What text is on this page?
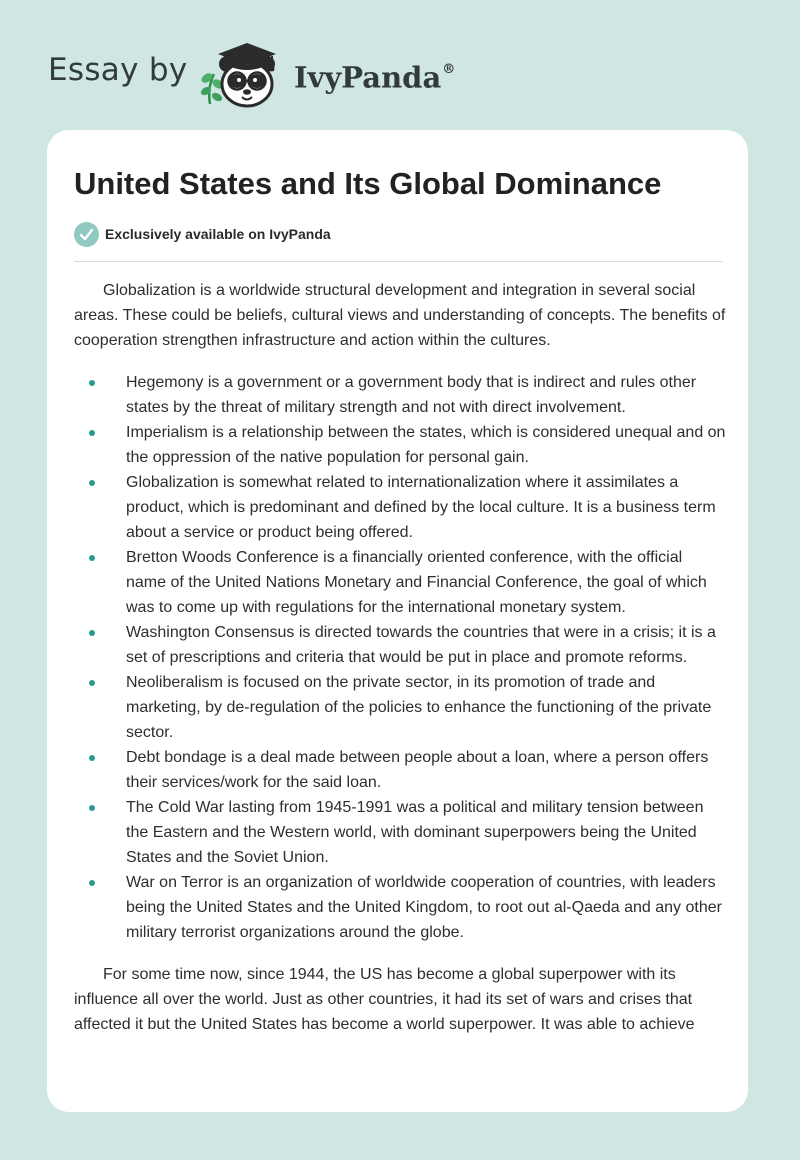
Essay by	IvyPanda®
United States and Its Global Dominance
Exclusively available on IvyPanda

Globalization is a worldwide structural development and integration in several social areas. These could be beliefs, cultural views and understanding of concepts. The benefits of cooperation strengthen infrastructure and action within the cultures.

Hegemony is a government or a government body that is indirect and rules other states by the threat of military strength and not with direct involvement.
Imperialism is a relationship between the states, which is considered unequal and on the oppression of the native population for personal gain.
Globalization is somewhat related to internationalization where it assimilates a product, which is predominant and defined by the local culture. It is a business term about a service or product being offered.
Bretton Woods Conference is a financially oriented conference, with the official name of the United Nations Monetary and Financial Conference, the goal of which was to come up with regulations for the international monetary system.
Washington Consensus is directed towards the countries that were in a crisis; it is a set of prescriptions and criteria that would be put in place and promote reforms.
Neoliberalism is focused on the private sector, in its promotion of trade and marketing, by de-regulation of the policies to enhance the functioning of the private sector.
Debt bondage is a deal made between people about a loan, where a person offers their services/work for the said loan.
The Cold War lasting from 1945-1991 was a political and military tension between the Eastern and the Western world, with dominant superpowers being the United States and the Soviet Union.
War on Terror is an organization of worldwide cooperation of countries, with leaders being the United States and the United Kingdom, to root out al-Qaeda and any other military terrorist organizations around the globe.

For some time now, since 1944, the US has become a global superpower with its influence all over the world. Just as other countries, it had its set of wars and crises that affected it but the United States has become a world superpower. It was able to achieve
